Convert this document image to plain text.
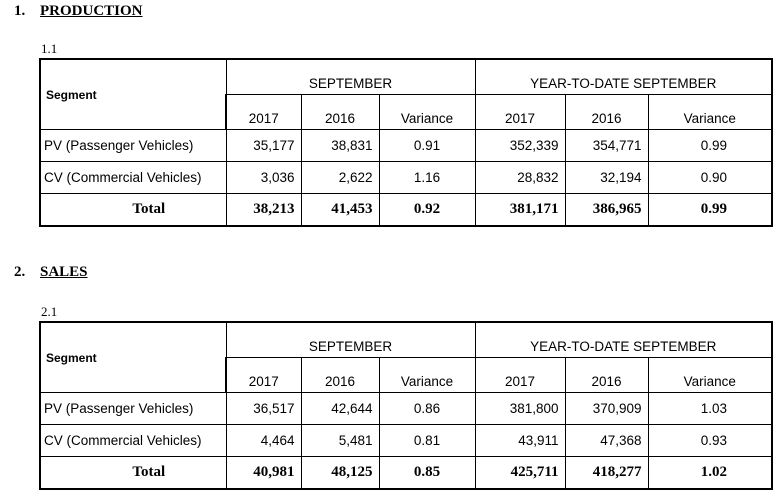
1. PRODUCTION
1.1
Segment	SEPTEMBER			YEAR-TO-DATE SEPTEMBER		
	2017	2016	Variance	2017	2016	Variance
PV (Passenger Vehicles)	35,177	38,831	0.91	352,339	354,771	0.99
CV (Commercial Vehicles)	3,036	2,622	1.16	28,832	32,194	0.90
Total	38,213	41,453	0.92	381,171	386,965	0.99
2. SALES
2.1
Segment	SEPTEMBER			YEAR-TO-DATE SEPTEMBER		
	2017	2016	Variance	2017	2016	Variance
PV (Passenger Vehicles)	36,517	42,644	0.86	381,800	370,909	1.03
CV (Commercial Vehicles)	4,464	5,481	0.81	43,911	47,368	0.93
Total	40,981	48,125	0.85	425,711	418,277	1.02
